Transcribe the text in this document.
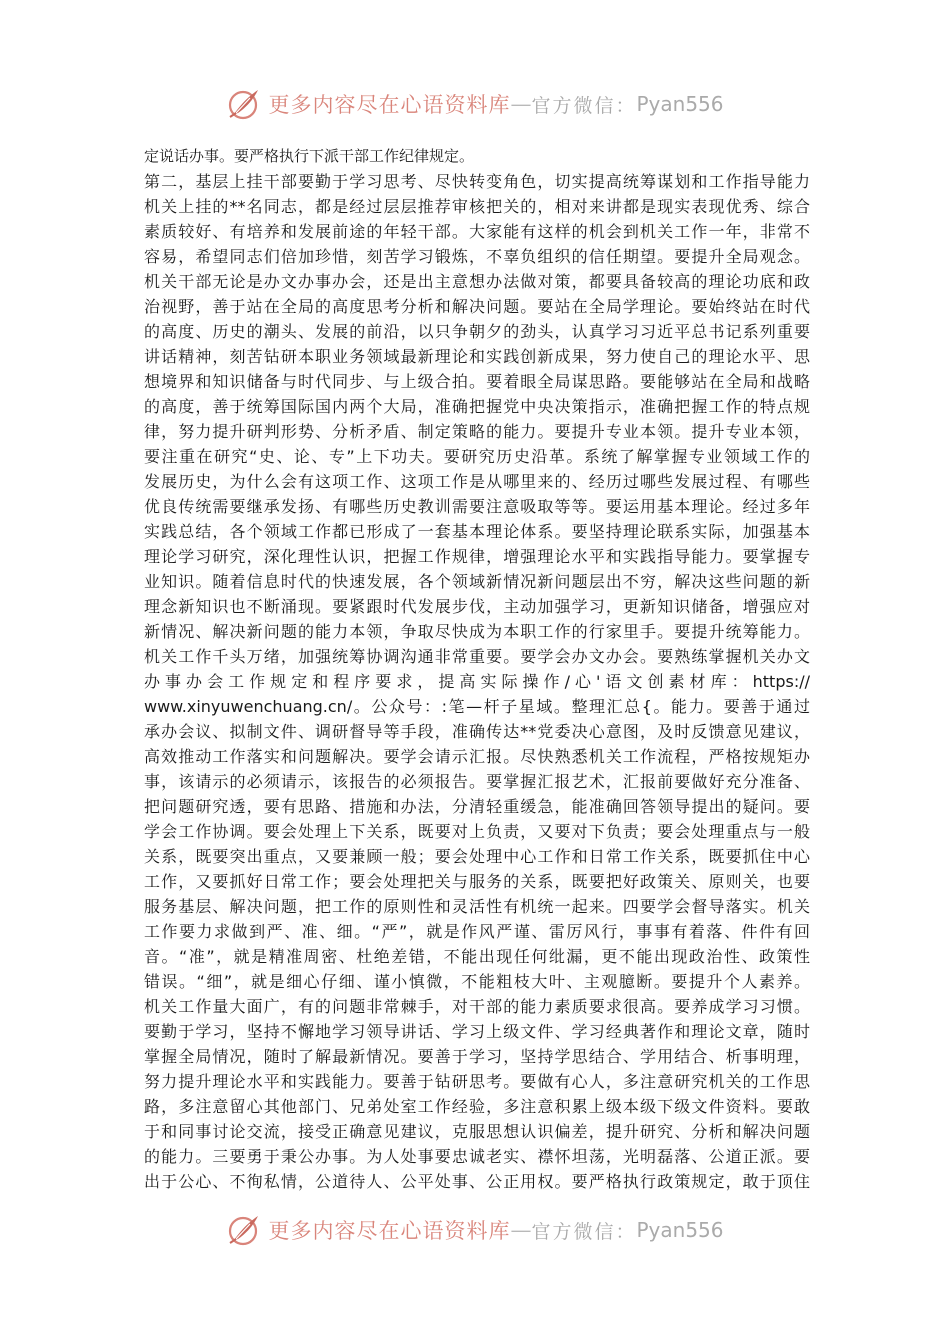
更多内容尽在心语资料库 — 官方微信： Pyan556
定说话办事。要严格执行下派干部工作纪律规定。
第二，基层上挂干部要勤于学习思考、尽快转变角色，切实提高统筹谋划和工作指导能力
机关上挂的**名同志，都是经过层层推荐审核把关的，相对来讲都是现实表现优秀、综合
素质较好、有培养和发展前途的年轻干部。大家能有这样的机会到机关工作一年，非常不
容易，希望同志们倍加珍惜，刻苦学习锻炼，不辜负组织的信任期望。要提升全局观念。
机关干部无论是办文办事办会，还是出主意想办法做对策，都要具备较高的理论功底和政
治视野，善于站在全局的高度思考分析和解决问题。要站在全局学理论。要始终站在时代
的高度、历史的潮头、发展的前沿，以只争朝夕的劲头，认真学习习近平总书记系列重要
讲话精神，刻苦钻研本职业务领域最新理论和实践创新成果，努力使自己的理论水平、思
想境界和知识储备与时代同步、与上级合拍。要着眼全局谋思路。要能够站在全局和战略
的高度，善于统筹国际国内两个大局，准确把握党中央决策指示，准确把握工作的特点规
律，努力提升研判形势、分析矛盾、制定策略的能力。要提升专业本领。提升专业本领，
要注重在研究“史、论、专”上下功夫。要研究历史沿革。系统了解掌握专业领域工作的
发展历史，为什么会有这项工作、这项工作是从哪里来的、经历过哪些发展过程、有哪些
优良传统需要继承发扬、有哪些历史教训需要注意吸取等等。要运用基本理论。经过多年
实践总结，各个领域工作都已形成了一套基本理论体系。要坚持理论联系实际，加强基本
理论学习研究，深化理性认识，把握工作规律，增强理论水平和实践指导能力。要掌握专
业知识。随着信息时代的快速发展，各个领域新情况新问题层出不穷，解决这些问题的新
理念新知识也不断涌现。要紧跟时代发展步伐，主动加强学习，更新知识储备，增强应对
新情况、解决新问题的能力本领，争取尽快成为本职工作的行家里手。要提升统筹能力。
机关工作千头万绪，加强统筹协调沟通非常重要。要学会办文办会。要熟练掌握机关办文
办事办会工作规定和程序要求，提高实际操作/心'语文创素材库：https://
www.xinyuwenchuang.cn/。公众号：:笔—杆子星域。整理汇总{。能力。要善于通过
承办会议、拟制文件、调研督导等手段，准确传达**党委决心意图，及时反馈意见建议，
高效推动工作落实和问题解决。要学会请示汇报。尽快熟悉机关工作流程，严格按规矩办
事，该请示的必须请示，该报告的必须报告。要掌握汇报艺术，汇报前要做好充分准备、
把问题研究透，要有思路、措施和办法，分清轻重缓急，能准确回答领导提出的疑问。要
学会工作协调。要会处理上下关系，既要对上负责，又要对下负责；要会处理重点与一般
关系，既要突出重点，又要兼顾一般；要会处理中心工作和日常工作关系，既要抓住中心
工作，又要抓好日常工作；要会处理把关与服务的关系，既要把好政策关、原则关，也要
服务基层、解决问题，把工作的原则性和灵活性有机统一起来。四要学会督导落实。机关
工作要力求做到严、准、细。“严”，就是作风严谨、雷厉风行，事事有着落、件件有回
音。“准”，就是精准周密、杜绝差错，不能出现任何纰漏，更不能出现政治性、政策性
错误。“细”，就是细心仔细、谨小慎微，不能粗枝大叶、主观臆断。要提升个人素养。
机关工作量大面广，有的问题非常棘手，对干部的能力素质要求很高。要养成学习习惯。
要勤于学习，坚持不懈地学习领导讲话、学习上级文件、学习经典著作和理论文章，随时
掌握全局情况，随时了解最新情况。要善于学习，坚持学思结合、学用结合、析事明理，
努力提升理论水平和实践能力。要善于钻研思考。要做有心人，多注意研究机关的工作思
路，多注意留心其他部门、兄弟处室工作经验，多注意积累上级本级下级文件资料。要敢
于和同事讨论交流，接受正确意见建议，克服思想认识偏差，提升研究、分析和解决问题
的能力。三要勇于秉公办事。为人处事要忠诚老实、襟怀坦荡，光明磊落、公道正派。要
出于公心、不徇私情，公道待人、公平处事、公正用权。要严格执行政策规定，敢于顶住
更多内容尽在心语资料库 — 官方微信： Pyan556
